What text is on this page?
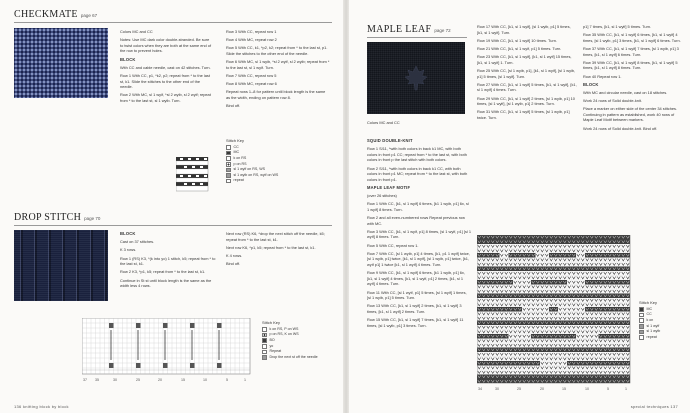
CHECKMATE page 67

Colors MC and CC

Notes: Use MC dark color double-stranded. Be sure to twist colors when they are both at the same end of the row to prevent holes.

BLOCK

With CC and cable needle, cast on 42 stitches. Turn.

Row 1 With CC, p1, *k2, p2; repeat from * to the last st, k1. Slide the stitches to the other end of the needle.

Row 2 With MC, sl 1 wyif, *sl 2 wyib, sl 2 wyif; repeat from * to the last st, sl 1 wyib. Turn.

Row 3 With CC, repeat row 1

Row 4 With MC, repeat row 2

Row 5 With CC, k1, *p2, k2; repeat from * to the last st, p1. Slide the stitches to the other end of the needle.

Row 6 With MC, sl 1 wyib, *sl 2 wyif, sl 2 wyib; repeat from * to the last st, sl 1 wyif. Turn.

Row 7 With CC, repeat row 5

Row 8 With MC, repeat row 6

Repeat rows 1–8 for pattern until block length is the same as the width, ending on pattern row 8.

Bind off.

Stitch Key
CC
MC
k on RS
p on RS
sl 1 wyif on RS, WS
sl 1 wyib on RS, wyif on WS
repeat
DROP STITCH page 70

BLOCK

Cast on 37 stitches.

K 3 rows.

Row 1 (RS) K3, *(k into yo) 1 stitch, k5; repeat from * to the last st, k1.

Row 2 K3, *p1, k5; repeat from * to the last st, k1.

Continue in St st until block length is the same as the width less 4 rows.

Next row (RS) K6, *drop the next stitch off the needle, k5; repeat from * to the last st, k1.

Next row K6, *p1, k5; repeat from * to the last st, k1.

K 4 rows.

Bind off.

37 35	30	25	20	15	10	5	1
Stitch Key
k on RS, P on WS
p on RS, K on WS
BO
yo
Repeat
Drop the next st off the needle
136 knitting block by block
MAPLE LEAF page 72

Colors MC and CC

SQUID DOUBLE-KNIT

Row 1 S/11, *with both colors in back k1 MC, with both colors in front p1 CC; repeat from * to the last st, with both colors in front p the last stitch with both colors.

Row 2 S/11, *with both colors in back k1 CC, with both colors in front p1 MC; repeat from * to the last st, with both colors in front p1.

MAPLE LEAF MOTIF

(over 26 stitches)

Row 1 With CC, [k1, sl 1 wyif] 6 times, [k1 1 wyib, p1] 6x, sl 1 wyif] 8 times. Turn.

Row 2 and all even-numbered rows Repeat previous row with MC.

Row 3 With CC, [k1, sl 1 wyif, p1] 8 times, [sl 1 wyif, p1] [sl 1 wyif] 8 times. Turn.

Row 5 With CC, repeat row 1.

Row 7 With CC, [sl 1 wyib, p1] 4 times, [k1, p1 1 wyif] twice, [sl 1 wyib, p1] twice, [k1, sl 1 wyif], [sl 1 wyib, p1] twice, [k1, wyif p1] 1 twice [k1, sl 1 wyif] 4 times. Turn.

Row 9 With CC, [k1, sl 1 wyif] 6 times, [k1 1 wyib, p1] 6x, [k1, sl 1 wyif] 4 times, [k1, sl 1 wyif, p1] 2 times, [k1, sl 1 wyif] 4 times. Turn.

Row 11 With CC, [sl 1 wyif, p1] 5 times, [sl 1 wyif] 1 times, [sl 1 wyib, p1] 5 times. Turn.

Row 13 With CC, [k1, sl 1 wyif] 2 times, [k1, sl 1 wyif] 3 times, [k1, sl 1 wyif] 2 times. Turn.

Row 15 With CC, [k1, sl 1 wyif] 7 times, [k1, sl 1 wyif] 11 times, [sl 1 wyib, p1] 3 times. Turn.

Row 17 With CC, [k1, sl 1 wyif], [sl 1 wyib, p1] 5 times, [k1, sl 1 wyif]. Turn.

Row 19 With CC, [k1, sl 1 wyif] 10 times. Turn.

Row 21 With CC, [k1, sl 1 wyif, p1] 5 times. Turn.

Row 23 With CC, [k1, sl 1 wyif], [k1, sl 1 wyif] 15 times, [k1, sl 1 wyif] 1. Turn.

Row 25 With CC, [sl 1 wyib, p1], [k1, sl 1 wyif], [sl 1 wyib, p1] 5 times, [sl 1 wyif]. Turn.

Row 27 With CC, [k1, sl 1 wyif] 5 times, [k1, sl 1 wyif], [k1, sl 1 wyif] 4 times. Turn.

Row 29 With CC, [k1, sl 1 wyif] 2 times, [sl 1 wyib, p1] 10 times, [sl 1 wyif], [sl 1 wyib, p1] 2 times. Turn.

Row 31 With CC, [k1, sl 1 wyif] 5 times, [sl 1 wyib, p1] twice. Turn.

p1] 7 times, [k1, sl 1 wyif] 5 times. Turn.

Row 35 With CC, [k1, sl 1 wyif] 6 times, [k1, sl 1 wyif] 4 times, [sl 1 wyib, p1] 3 times, [k1, sl 1 wyif] 6 times. Turn.

Row 37 With CC, [k1, sl 1 wyif] 7 times, [sl 1 wyib, p1] 3 times, [k1, sl 1 wyif] 6 times. Turn.

Row 39 With CC, [k1, sl 1 wyif] 8 times, [k1, sl 1 wyif] 5 times, [k1, sl 1 wyif] 8 times. Turn.

Row 40 Repeat row 1.

BLOCK

With MC and circular needle, cast on 18 stitches.

Work 24 rows of Solid double-knit.

Place a marker on either side of the center 34 stitches. Continuing in pattern as established, work 40 rows of Maple Leaf Motif between markers.

Work 24 rows of Solid double-knit. Bind off.

34	30	25	20	15	10	5	1
Stitch Key
MC
CC
k on
sl 1 wyif
sl 1 wyib
repeat
special techniques 137
